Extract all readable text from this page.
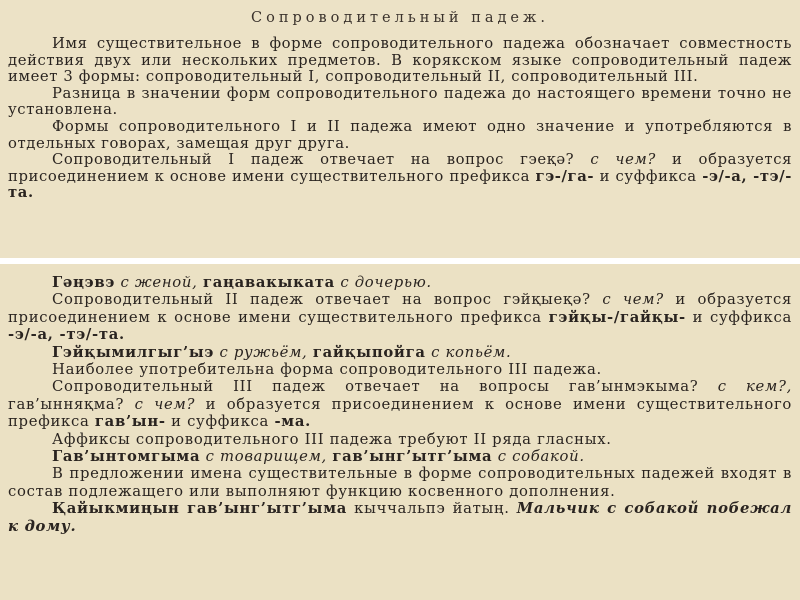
Сопроводительный падеж.

Имя существительное в форме сопроводительного падежа обозначает совместность действия двух или нескольких предметов. В корякском языке сопроводительный падеж имеет 3 формы: сопроводительный I, сопроводительный II, сопроводительный III.

Разница в значении форм сопроводительного падежа до настоящего времени точно не установлена.

Формы сопроводительного I и II падежа имеют одно значение и употребляются в отдельных говорах, замещая друг друга.

Сопроводительный I падеж отвечает на вопрос гэеқə? с чем? и образуется присоединением к основе имени существительного префикса гэ-/га- и суффикса -э/-а, -тэ/-та.

Гəңэвэ с женой, гаңавакыката с дочерью.

Сопроводительный II падеж отвечает на вопрос гэйқыеқə? с чем? и образуется присоединением к основе имени существительного префикса гэйқы-/гайқы- и суффикса -э/-а, -тэ/-та.

Гэйқымилгыг’ыэ с ружьём, гайқыпойга с копьём.

Наиболее употребительна форма сопроводительного III падежа.

Сопроводительный III падеж отвечает на вопросы гав’ынмэкыма? с кем?, гав’ынняқма? с чем? и образуется присоединением к основе имени существительного префикса гав’ын- и суффикса -ма.

Аффиксы сопроводительного III падежа требуют II ряда гласных.

Гав’ынтомгыма с товарищем, гав’ынг’ытг’ыма с собакой.

В предложении имена существительные в форме сопроводительных падежей входят в состав подлежащего или выполняют функцию косвенного дополнения.

Қайыкмиңын гав’ынг’ытг’ыма кыччальпэ йатың. Мальчик с собакой побежал к дому.
